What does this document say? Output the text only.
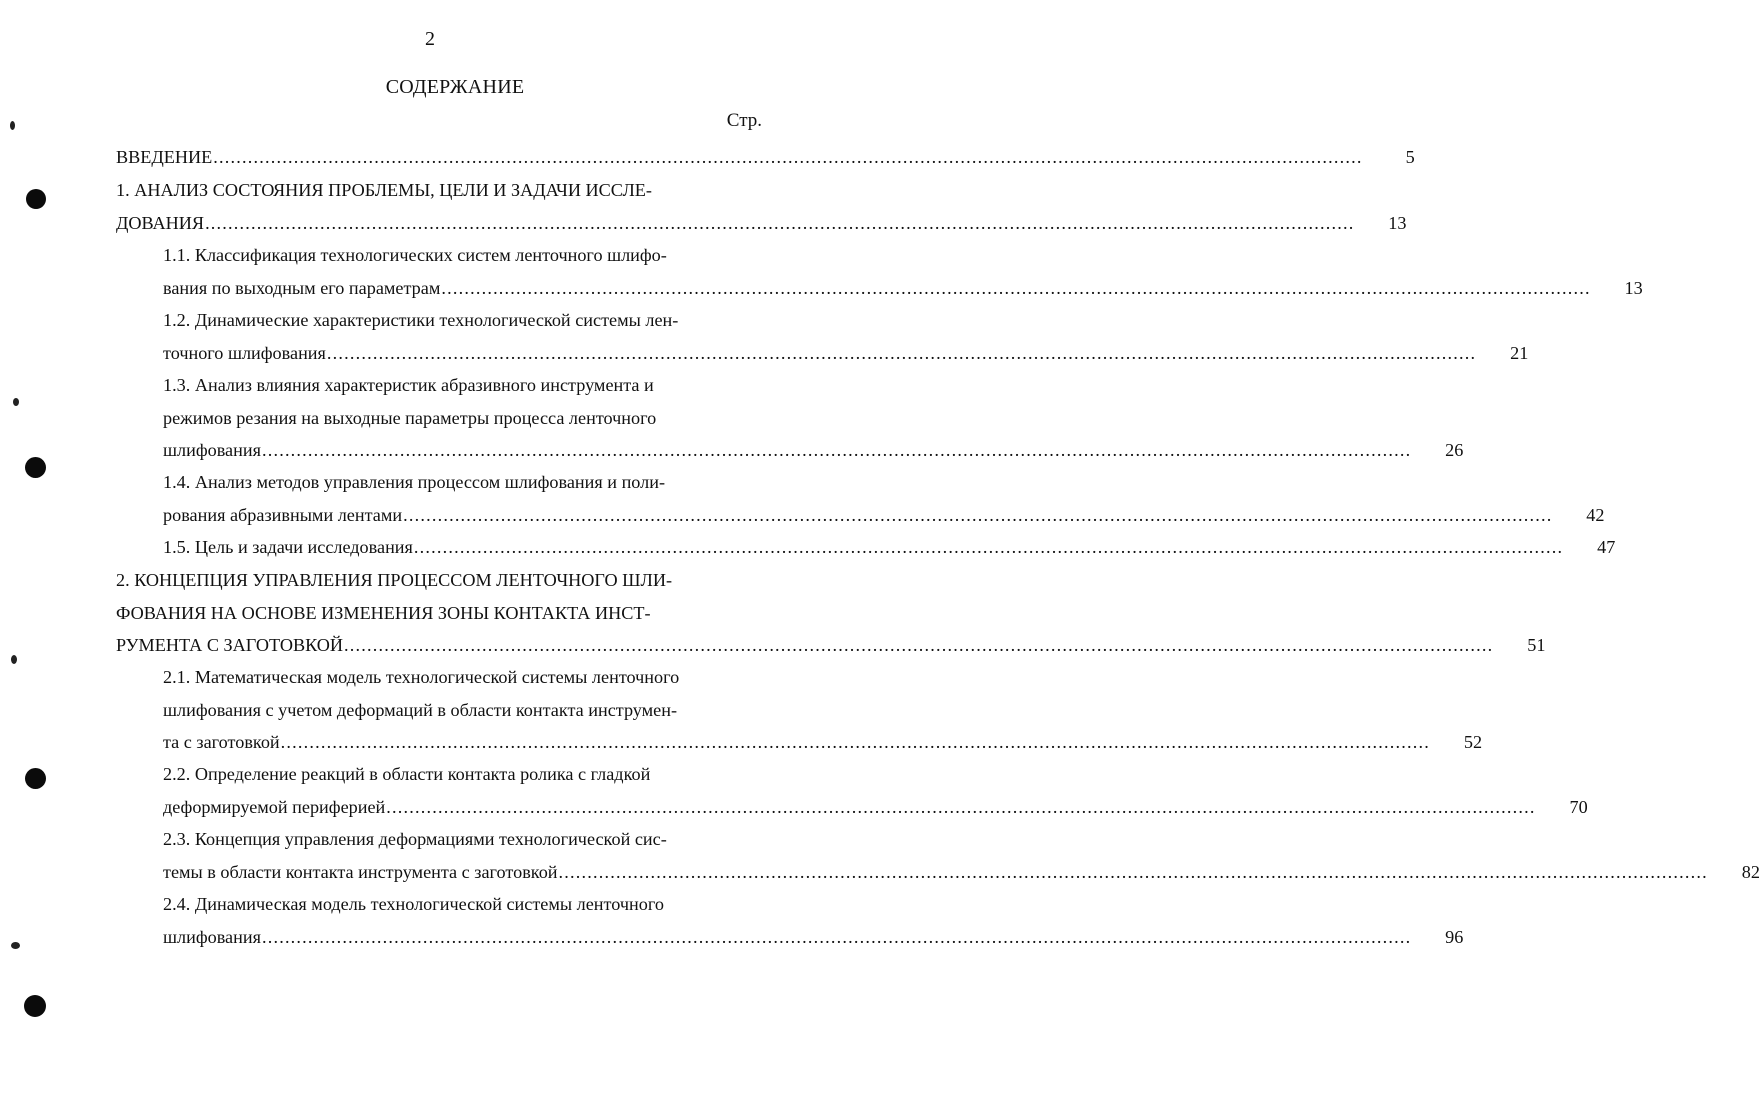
2
СОДЕРЖАНИЕ
Стр.
ВВЕДЕНИЕ ........................................................................................................................................................................................................	5
1. АНАЛИЗ СОСТОЯНИЯ ПРОБЛЕМЫ, ЦЕЛИ И ЗАДАЧИ ИССЛЕ-
ДОВАНИЯ ........................................................................................................................................................................................................	13
1.1. Классификация технологических систем ленточного шлифо-
вания по выходным его параметрам ........................................................................................................................................................................................................	13
1.2. Динамические характеристики технологической системы лен-
точного шлифования ........................................................................................................................................................................................................	21
1.3. Анализ влияния характеристик абразивного инструмента и
режимов резания на выходные параметры процесса ленточного
шлифования ........................................................................................................................................................................................................	26
1.4. Анализ методов управления процессом шлифования и поли-
рования абразивными лентами ........................................................................................................................................................................................................	42
1.5. Цель и задачи исследования ........................................................................................................................................................................................................	47
2. КОНЦЕПЦИЯ УПРАВЛЕНИЯ ПРОЦЕССОМ ЛЕНТОЧНОГО ШЛИ-
ФОВАНИЯ НА ОСНОВЕ ИЗМЕНЕНИЯ ЗОНЫ КОНТАКТА ИНСТ-
РУМЕНТА С ЗАГОТОВКОЙ ........................................................................................................................................................................................................	51
2.1. Математическая модель технологической системы ленточного
шлифования с учетом деформаций в области контакта инструмен-
та с заготовкой ........................................................................................................................................................................................................	52
2.2. Определение реакций в области контакта ролика с гладкой
деформируемой периферией ........................................................................................................................................................................................................	70
2.3. Концепция управления деформациями технологической сис-
темы в области контакта инструмента с заготовкой ........................................................................................................................................................................................................	82
2.4. Динамическая модель технологической системы ленточного
шлифования ........................................................................................................................................................................................................	96
